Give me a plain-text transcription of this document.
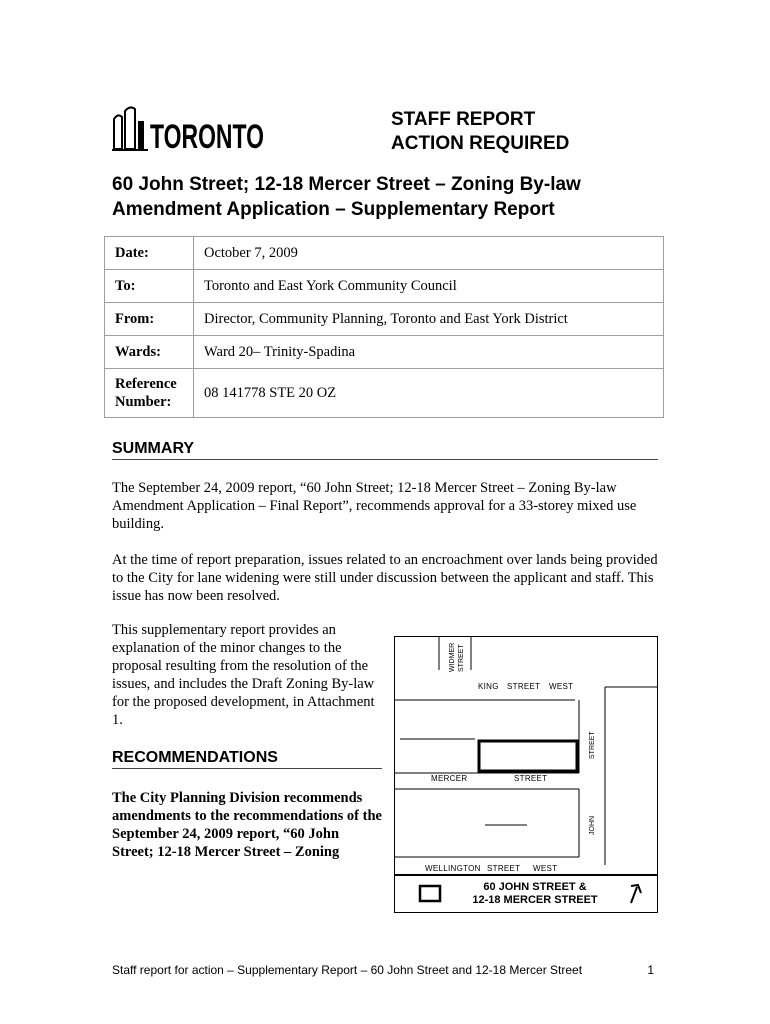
TORONTO	STAFF REPORT
ACTION REQUIRED
60 John Street; 12-18 Mercer Street – Zoning By-law
Amendment Application – Supplementary Report
Date:	October 7, 2009
To:	Toronto and East York Community Council
From:	Director, Community Planning, Toronto and East York District
Wards:	Ward 20– Trinity-Spadina

Reference
Number:	08 141778 STE 20 OZ
SUMMARY
The September 24, 2009 report, “60 John Street; 12-18 Mercer Street – Zoning By-law Amendment Application – Final Report”, recommends approval for a 33-storey mixed use building.
At the time of report preparation, issues related to an encroachment over lands being provided to the City for lane widening were still under discussion between the applicant and staff. This issue has now been resolved.
This supplementary report provides an explanation of the minor changes to the proposal resulting from the resolution of the issues, and includes the Draft Zoning By-law for the proposed development, in Attachment 1.
RECOMMENDATIONS
The City Planning Division recommends amendments to the recommendations of the September 24, 2009 report, “60 John Street; 12-18 Mercer Street – Zoning
WIDMER STREET
KING STREET WEST
STREET
MERCER	STREET
JOHN
WELLINGTON STREET WEST
60 JOHN STREET &
12-18 MERCER STREET
Staff report for action – Supplementary Report – 60 John Street and 12-18 Mercer Street	1
